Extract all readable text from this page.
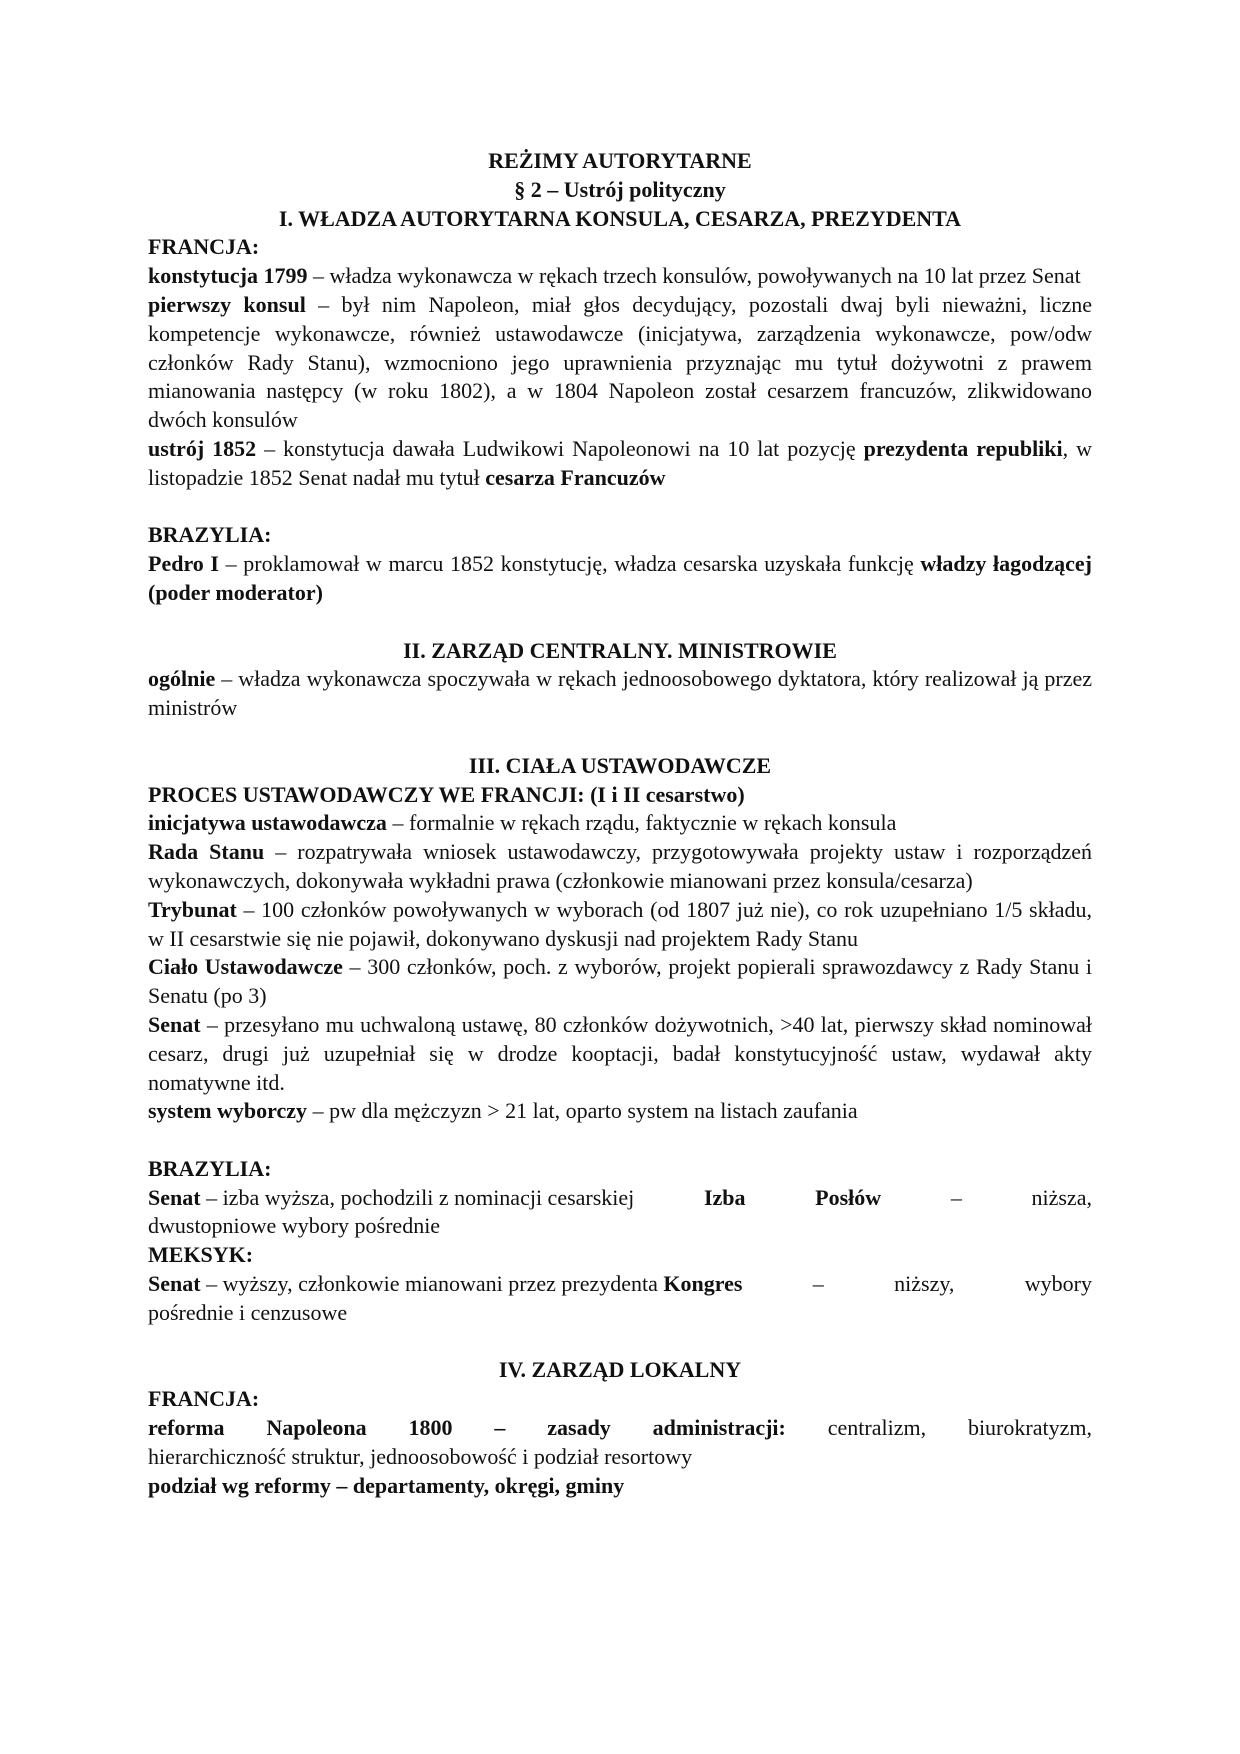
REŻIMY AUTORYTARNE
§ 2 – Ustrój polityczny
I. WŁADZA AUTORYTARNA KONSULA, CESARZA, PREZYDENTA
FRANCJA:
konstytucja 1799 – władza wykonawcza w rękach trzech konsulów, powoływanych na 10 lat przez Senat
pierwszy konsul – był nim Napoleon, miał głos decydujący, pozostali dwaj byli nieważni, liczne kompetencje wykonawcze, również ustawodawcze (inicjatywa, zarządzenia wykonawcze, pow/odw członków Rady Stanu), wzmocniono jego uprawnienia przyznając mu tytuł dożywotni z prawem mianowania następcy (w roku 1802), a w 1804 Napoleon został cesarzem francuzów, zlikwidowano dwóch konsulów
ustrój 1852 – konstytucja dawała Ludwikowi Napoleonowi na 10 lat pozycję prezydenta republiki, w listopadzie 1852 Senat nadał mu tytuł cesarza Francuzów
BRAZYLIA:
Pedro I – proklamował w marcu 1852 konstytucję, władza cesarska uzyskała funkcję władzy łagodzącej (poder moderator)
II. ZARZĄD CENTRALNY. MINISTROWIE
ogólnie – władza wykonawcza spoczywała w rękach jednoosobowego dyktatora, który realizował ją przez ministrów
III. CIAŁA USTAWODAWCZE
PROCES USTAWODAWCZY WE FRANCJI: (I i II cesarstwo)
inicjatywa ustawodawcza – formalnie w rękach rządu, faktycznie w rękach konsula
Rada Stanu – rozpatrywała wniosek ustawodawczy, przygotowywała projekty ustaw i rozporządzeń wykonawczych, dokonywała wykładni prawa (członkowie mianowani przez konsula/cesarza)
Trybunat – 100 członków powoływanych w wyborach (od 1807 już nie), co rok uzupełniano 1/5 składu, w II cesarstwie się nie pojawił, dokonywano dyskusji nad projektem Rady Stanu
Ciało Ustawodawcze – 300 członków, poch. z wyborów, projekt popierali sprawozdawcy z Rady Stanu i Senatu (po 3)
Senat – przesyłano mu uchwaloną ustawę, 80 członków dożywotnich, >40 lat, pierwszy skład nominował cesarz, drugi już uzupełniał się w drodze kooptacji, badał konstytucyjność ustaw, wydawał akty nomatywne itd.
system wyborczy – pw dla mężczyzn > 21 lat, oparto system na listach zaufania
BRAZYLIA:
Senat – izba wyższa, pochodzili z nominacji cesarskiej	Izba	Posłów	–	niższa,
dwustopniowe wybory pośrednie
MEKSYK:
Senat – wyższy, członkowie mianowani przez prezydenta Kongres	–	niższy,	wybory
pośrednie i cenzusowe
IV. ZARZĄD LOKALNY
FRANCJA:
reforma Napoleona 1800 – zasady administracji: centralizm, biurokratyzm,
hierarchiczność struktur, jednoosobowość i podział resortowy
podział wg reformy – departamenty, okręgi, gminy
